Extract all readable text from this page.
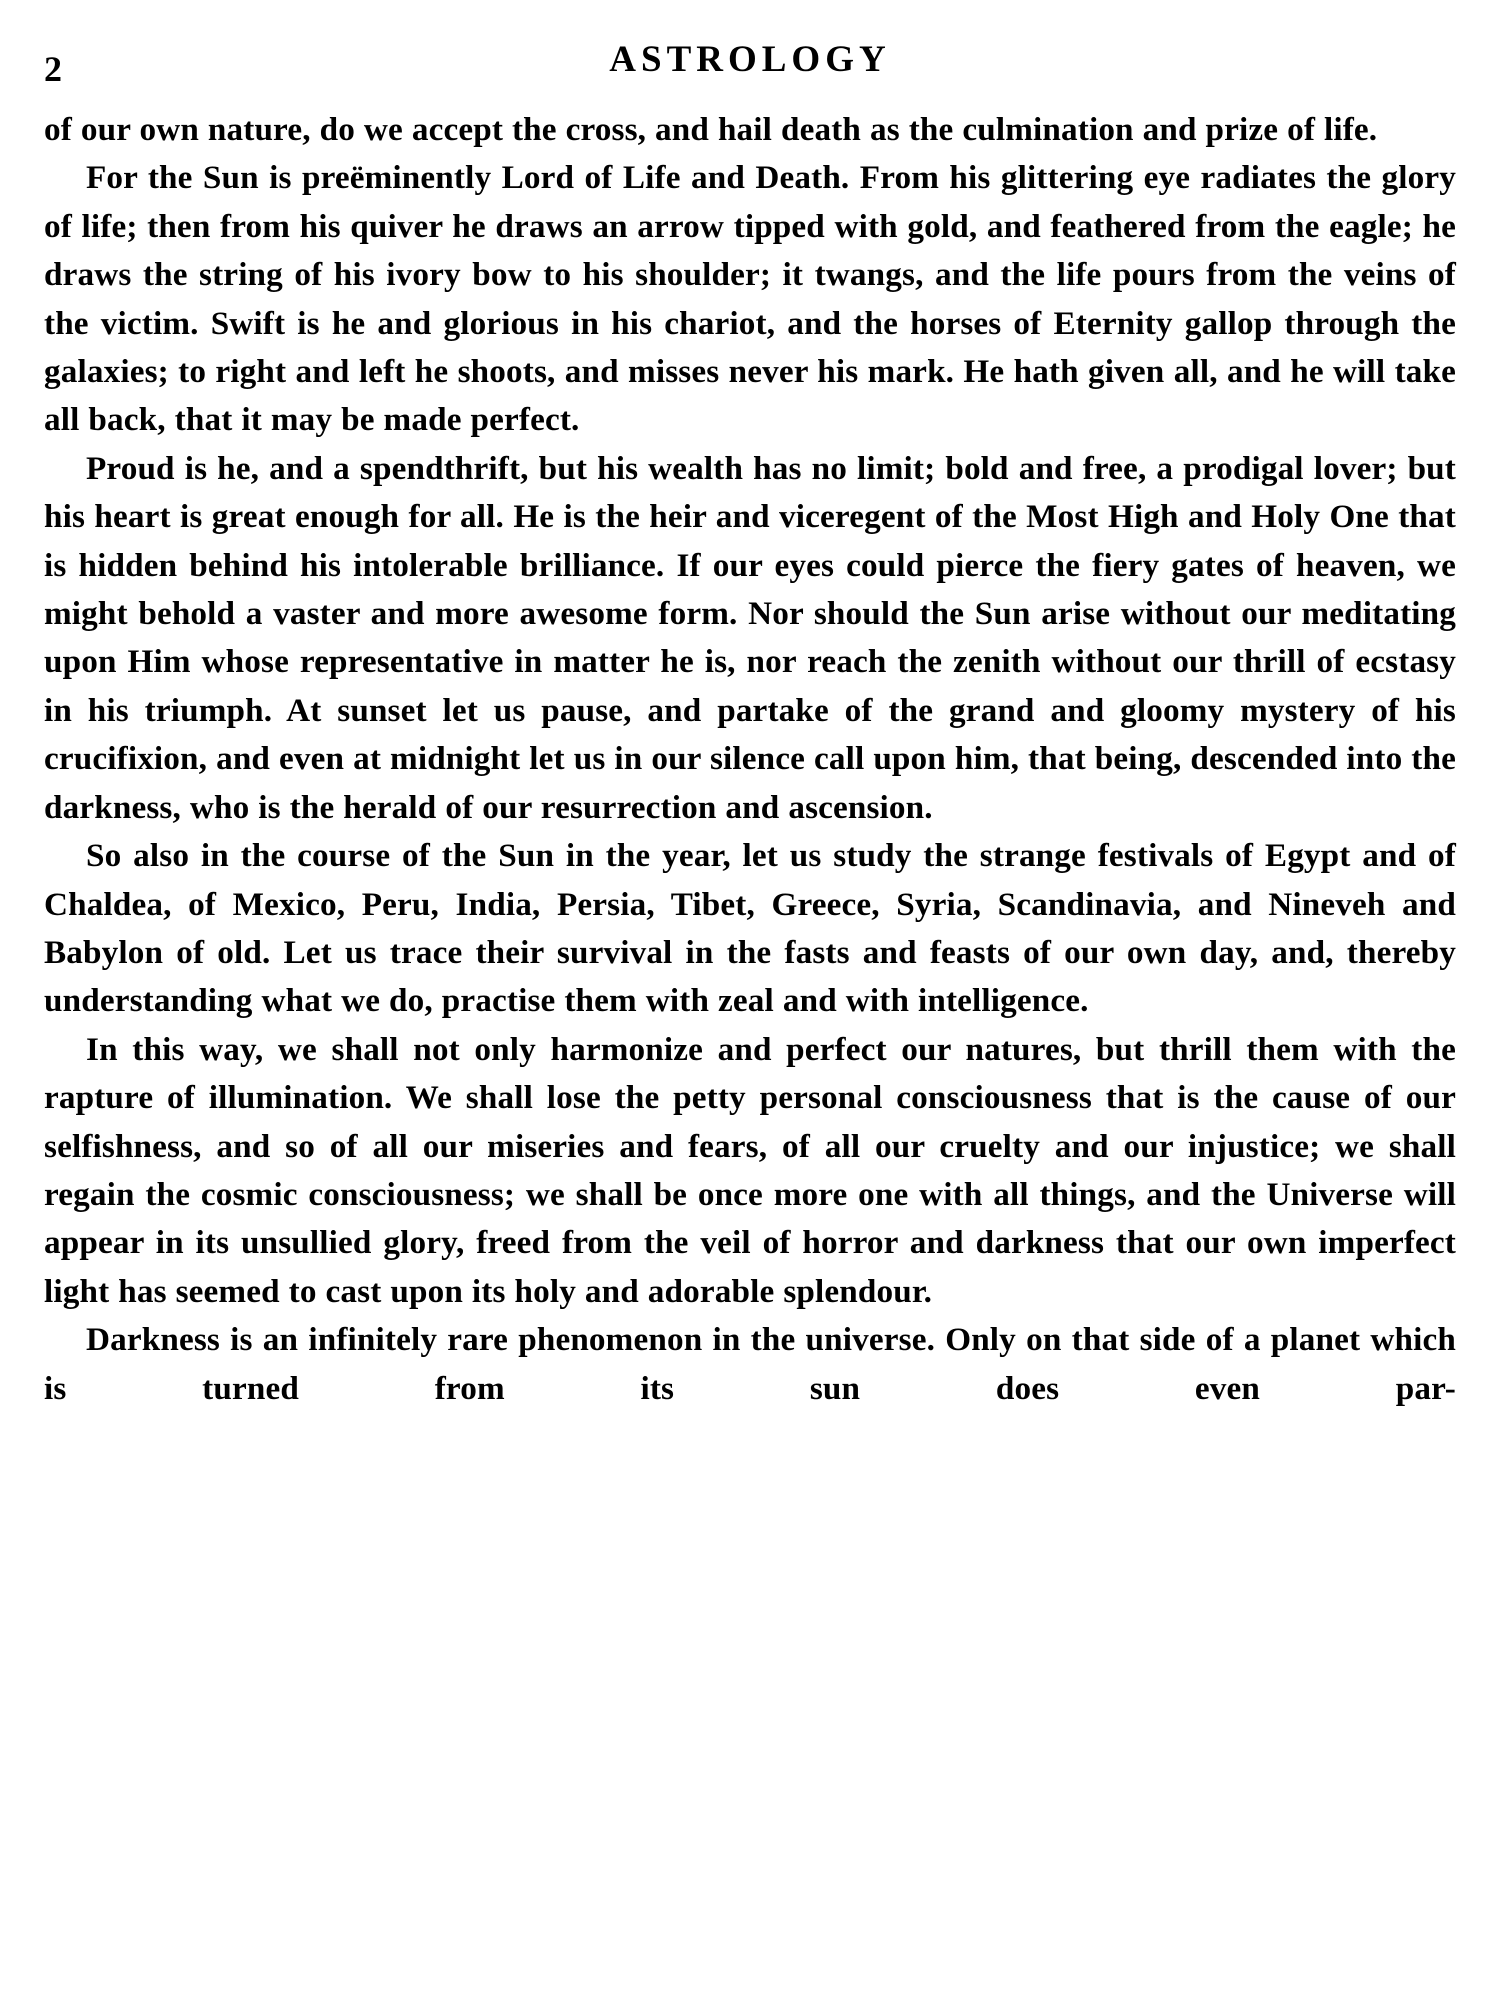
2	ASTROLOGY

of our own nature, do we accept the cross, and hail death as the culmination and prize of life.

For the Sun is preëminently Lord of Life and Death. From his glittering eye radiates the glory of life; then from his quiver he draws an arrow tipped with gold, and feathered from the eagle; he draws the string of his ivory bow to his shoulder; it twangs, and the life pours from the veins of the victim. Swift is he and glorious in his chariot, and the horses of Eternity gallop through the galaxies; to right and left he shoots, and misses never his mark. He hath given all, and he will take all back, that it may be made perfect.

Proud is he, and a spendthrift, but his wealth has no limit; bold and free, a prodigal lover; but his heart is great enough for all. He is the heir and viceregent of the Most High and Holy One that is hidden behind his intolerable brilliance. If our eyes could pierce the fiery gates of heaven, we might behold a vaster and more awesome form. Nor should the Sun arise without our meditating upon Him whose representative in matter he is, nor reach the zenith without our thrill of ecstasy in his triumph. At sunset let us pause, and partake of the grand and gloomy mystery of his crucifixion, and even at midnight let us in our silence call upon him, that being, descended into the darkness, who is the herald of our resurrection and ascension.

So also in the course of the Sun in the year, let us study the strange festivals of Egypt and of Chaldea, of Mexico, Peru, India, Persia, Tibet, Greece, Syria, Scandinavia, and Nineveh and Babylon of old. Let us trace their survival in the fasts and feasts of our own day, and, thereby understanding what we do, practise them with zeal and with intelligence.

In this way, we shall not only harmonize and perfect our natures, but thrill them with the rapture of illumination. We shall lose the petty personal consciousness that is the cause of our selfishness, and so of all our miseries and fears, of all our cruelty and our injustice; we shall regain the cosmic consciousness; we shall be once more one with all things, and the Universe will appear in its unsullied glory, freed from the veil of horror and darkness that our own imperfect light has seemed to cast upon its holy and adorable splendour.

Darkness is an infinitely rare phenomenon in the universe. Only on that side of a planet which is turned from its sun does even par-
